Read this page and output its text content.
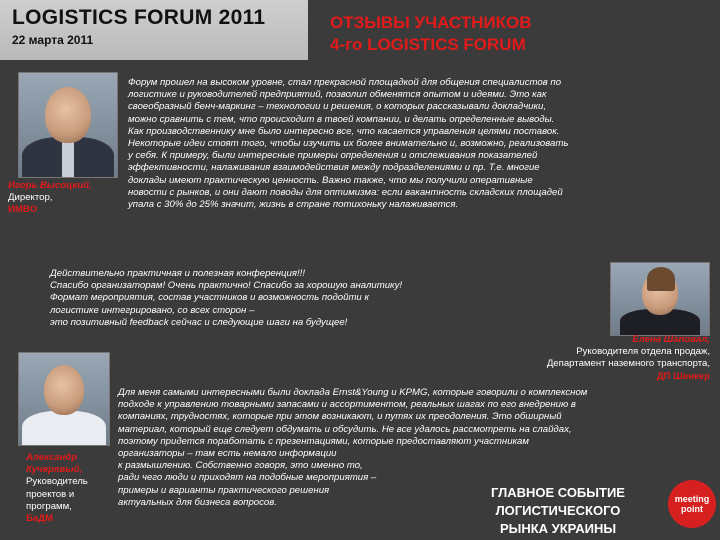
LOGISTICS FORUM 2011
22 марта 2011
ОТЗЫВЫ УЧАСТНИКОВ
4-го LOGISTICS FORUM
Игорь Высоцкий,
Директор,
ИМВО
Форум прошел на высоком уровне, стал прекрасной площадкой для общения специалистов по
логистике и руководителей предприятий, позволил обменятся опытом и идеями. Это как
своеобразный бенч-маркинг – технологии и решения, о которых рассказывали докладчики,
можно сравнить с тем, что происходит в твоей компании, и делать определенные выводы.
Как производственнику мне было интересно все, что касается управления целями поставок.
Некоторые идеи стоят того, чтобы изучить их более внимательно и, возможно, реализовать
у себя. К примеру, были интересные примеры определения и отслеживания показателей
эффективности, налаживания взаимодействия между подразделениями и пр. Т.е. многие
доклады имеют практическую ценность. Важно также, что мы получили оперативные
новости с рынков, и они дают поводы для оптимизма: если вакантность складских площадей
упала с 30% до 25% значит, жизнь в стране потихоньку налаживается.
Действительно практичная и полезная конференция!!!
Спасибо организаторам! Очень практично! Спасибо за хорошую аналитику!
Формат мероприятия, состав участников и возможность подойти к
логистике интегрировано, со всех сторон –
это позитивный feedback сейчас и следующие шаги на будущее!
Елена Шаповал,
Руководителя отдела продаж,
Департамент наземного транспорта,
ДП Шенкер
Александр
Кучерявый,
Руководитель
проектов и
программ,
БаДМ
Для меня самыми интересными были доклада Ernst&Young и KPMG, которые говорили о комплексном
подходе к управлению товарными запасами и ассортиментом, реальных шагах по его внедрению в
компаниях, трудностях, которые при этом возникают, и путях их преодоления. Это обширный
материал, который еще следует обдумать и обсудить. Не все удалось рассмотреть на слайдах,
поэтому придется поработать с презентациями, которые предоставляют участникам
организаторы – там есть немало информации
к размышлению. Собственно говоря, это именно то,
ради чего люди и приходят на подобные мероприятия –
примеры и варианты практического решения
актуальных для бизнеса вопросов.
ГЛАВНОЕ СОБЫТИЕ
ЛОГИСТИЧЕСКОГО
РЫНКА УКРАИНЫ
meeting
point
